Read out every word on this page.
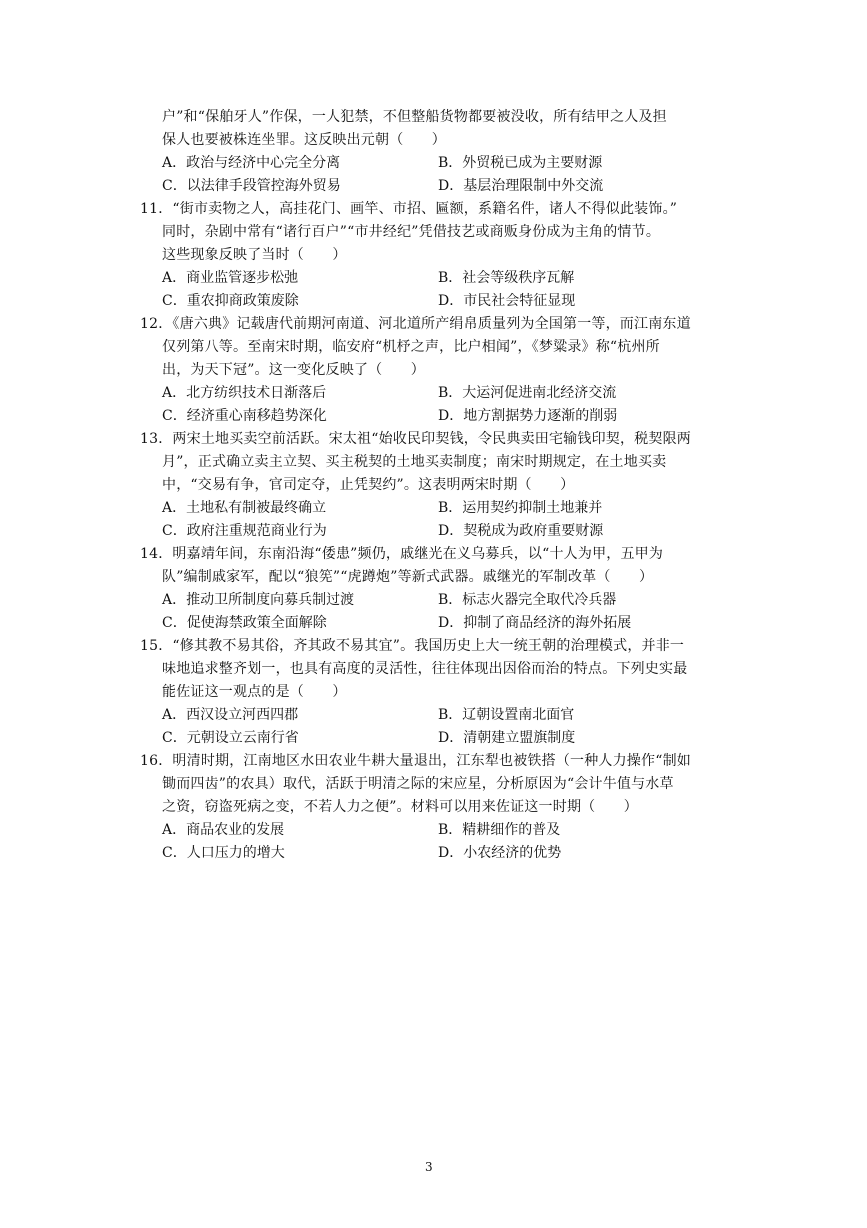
户”和“保舶牙人”作保，一人犯禁，不但整船货物都要被没收，所有结甲之人及担
保人也要被株连坐罪。这反映出元朝（　　）
A．政治与经济中心完全分离	B．外贸税已成为主要财源
C．以法律手段管控海外贸易	D．基层治理限制中外交流
11．“街市卖物之人，高挂花门、画竿、市招、匾额，系籍名件，诸人不得似此装饰。”
同时，杂剧中常有“诸行百户”“市井经纪”凭借技艺或商贩身份成为主角的情节。
这些现象反映了当时（　　）
A．商业监管逐步松弛	B．社会等级秩序瓦解
C．重农抑商政策废除	D．市民社会特征显现
12．《唐六典》记载唐代前期河南道、河北道所产绢帛质量列为全国第一等，而江南东道
仅列第八等。至南宋时期，临安府“机杼之声，比户相闻”，《梦粱录》称“杭州所
出，为天下冠”。这一变化反映了（　　）
A．北方纺织技术日渐落后	B．大运河促进南北经济交流
C．经济重心南移趋势深化	D．地方割据势力逐渐的削弱
13．两宋土地买卖空前活跃。宋太祖“始收民印契钱，令民典卖田宅输钱印契，税契限两
月”，正式确立卖主立契、买主税契的土地买卖制度；南宋时期规定，在土地买卖
中，“交易有争，官司定夺，止凭契约”。这表明两宋时期（　　）
A．土地私有制被最终确立	B．运用契约抑制土地兼并
C．政府注重规范商业行为	D．契税成为政府重要财源
14．明嘉靖年间，东南沿海“倭患”频仍，戚继光在义乌募兵，以“十人为甲，五甲为
队”编制戚家军，配以“狼筅”“虎蹲炮”等新式武器。戚继光的军制改革（　　）
A．推动卫所制度向募兵制过渡	B．标志火器完全取代冷兵器
C．促使海禁政策全面解除	D．抑制了商品经济的海外拓展
15．“修其教不易其俗，齐其政不易其宜”。我国历史上大一统王朝的治理模式，并非一
味地追求整齐划一，也具有高度的灵活性，往往体现出因俗而治的特点。下列史实最
能佐证这一观点的是（　　）
A．西汉设立河西四郡	B．辽朝设置南北面官
C．元朝设立云南行省	D．清朝建立盟旗制度
16．明清时期，江南地区水田农业牛耕大量退出，江东犁也被铁搭（一种人力操作“制如
锄而四齿”的农具）取代，活跃于明清之际的宋应星，分析原因为“会计牛值与水草
之资，窃盗死病之变，不若人力之便”。材料可以用来佐证这一时期（　　）
A．商品农业的发展	B．精耕细作的普及
C．人口压力的增大	D．小农经济的优势
3
